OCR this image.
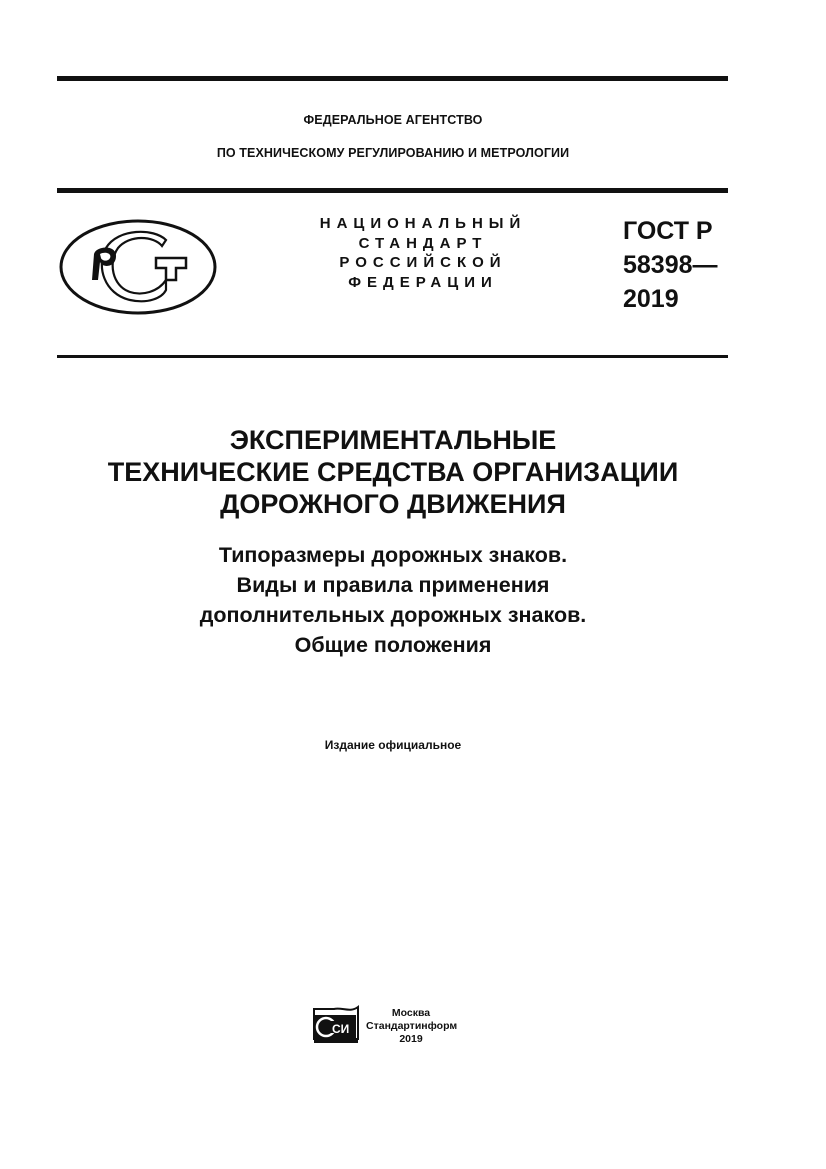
ФЕДЕРАЛЬНОЕ АГЕНТСТВО
ПО ТЕХНИЧЕСКОМУ РЕГУЛИРОВАНИЮ И МЕТРОЛОГИИ
НАЦИОНАЛЬНЫЙ
СТАНДАРТ
РОССИЙСКОЙ
ФЕДЕРАЦИИ
ГОСТ Р
58398—
2019
ЭКСПЕРИМЕНТАЛЬНЫЕ
ТЕХНИЧЕСКИЕ СРЕДСТВА ОРГАНИЗАЦИИ
ДОРОЖНОГО ДВИЖЕНИЯ
Типоразмеры дорожных знаков.
Виды и правила применения
дополнительных дорожных знаков.
Общие положения
Издание официальное
СИ
Москва
Стандартинформ
2019
